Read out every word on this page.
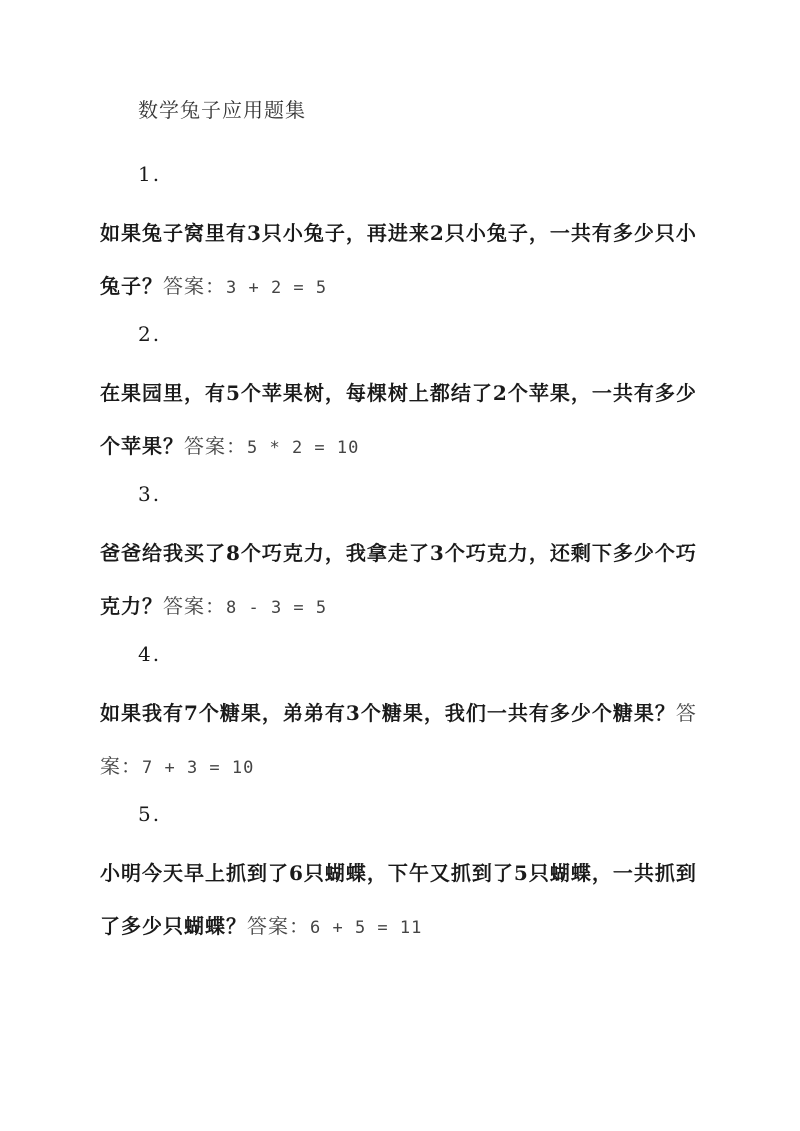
数学兔子应用题集
1.
如果兔子窝里有3只小兔子，再进来2只小兔子，一共有多少只小兔子？答案：3 + 2 = 5
2.
在果园里，有5个苹果树，每棵树上都结了2个苹果，一共有多少个苹果？答案：5 * 2 = 10
3.
爸爸给我买了8个巧克力，我拿走了3个巧克力，还剩下多少个巧克力？答案：8 - 3 = 5
4.
如果我有7个糖果，弟弟有3个糖果，我们一共有多少个糖果？答案：7 + 3 = 10
5.
小明今天早上抓到了6只蝴蝶，下午又抓到了5只蝴蝶，一共抓到了多少只蝴蝶？答案：6 + 5 = 11
